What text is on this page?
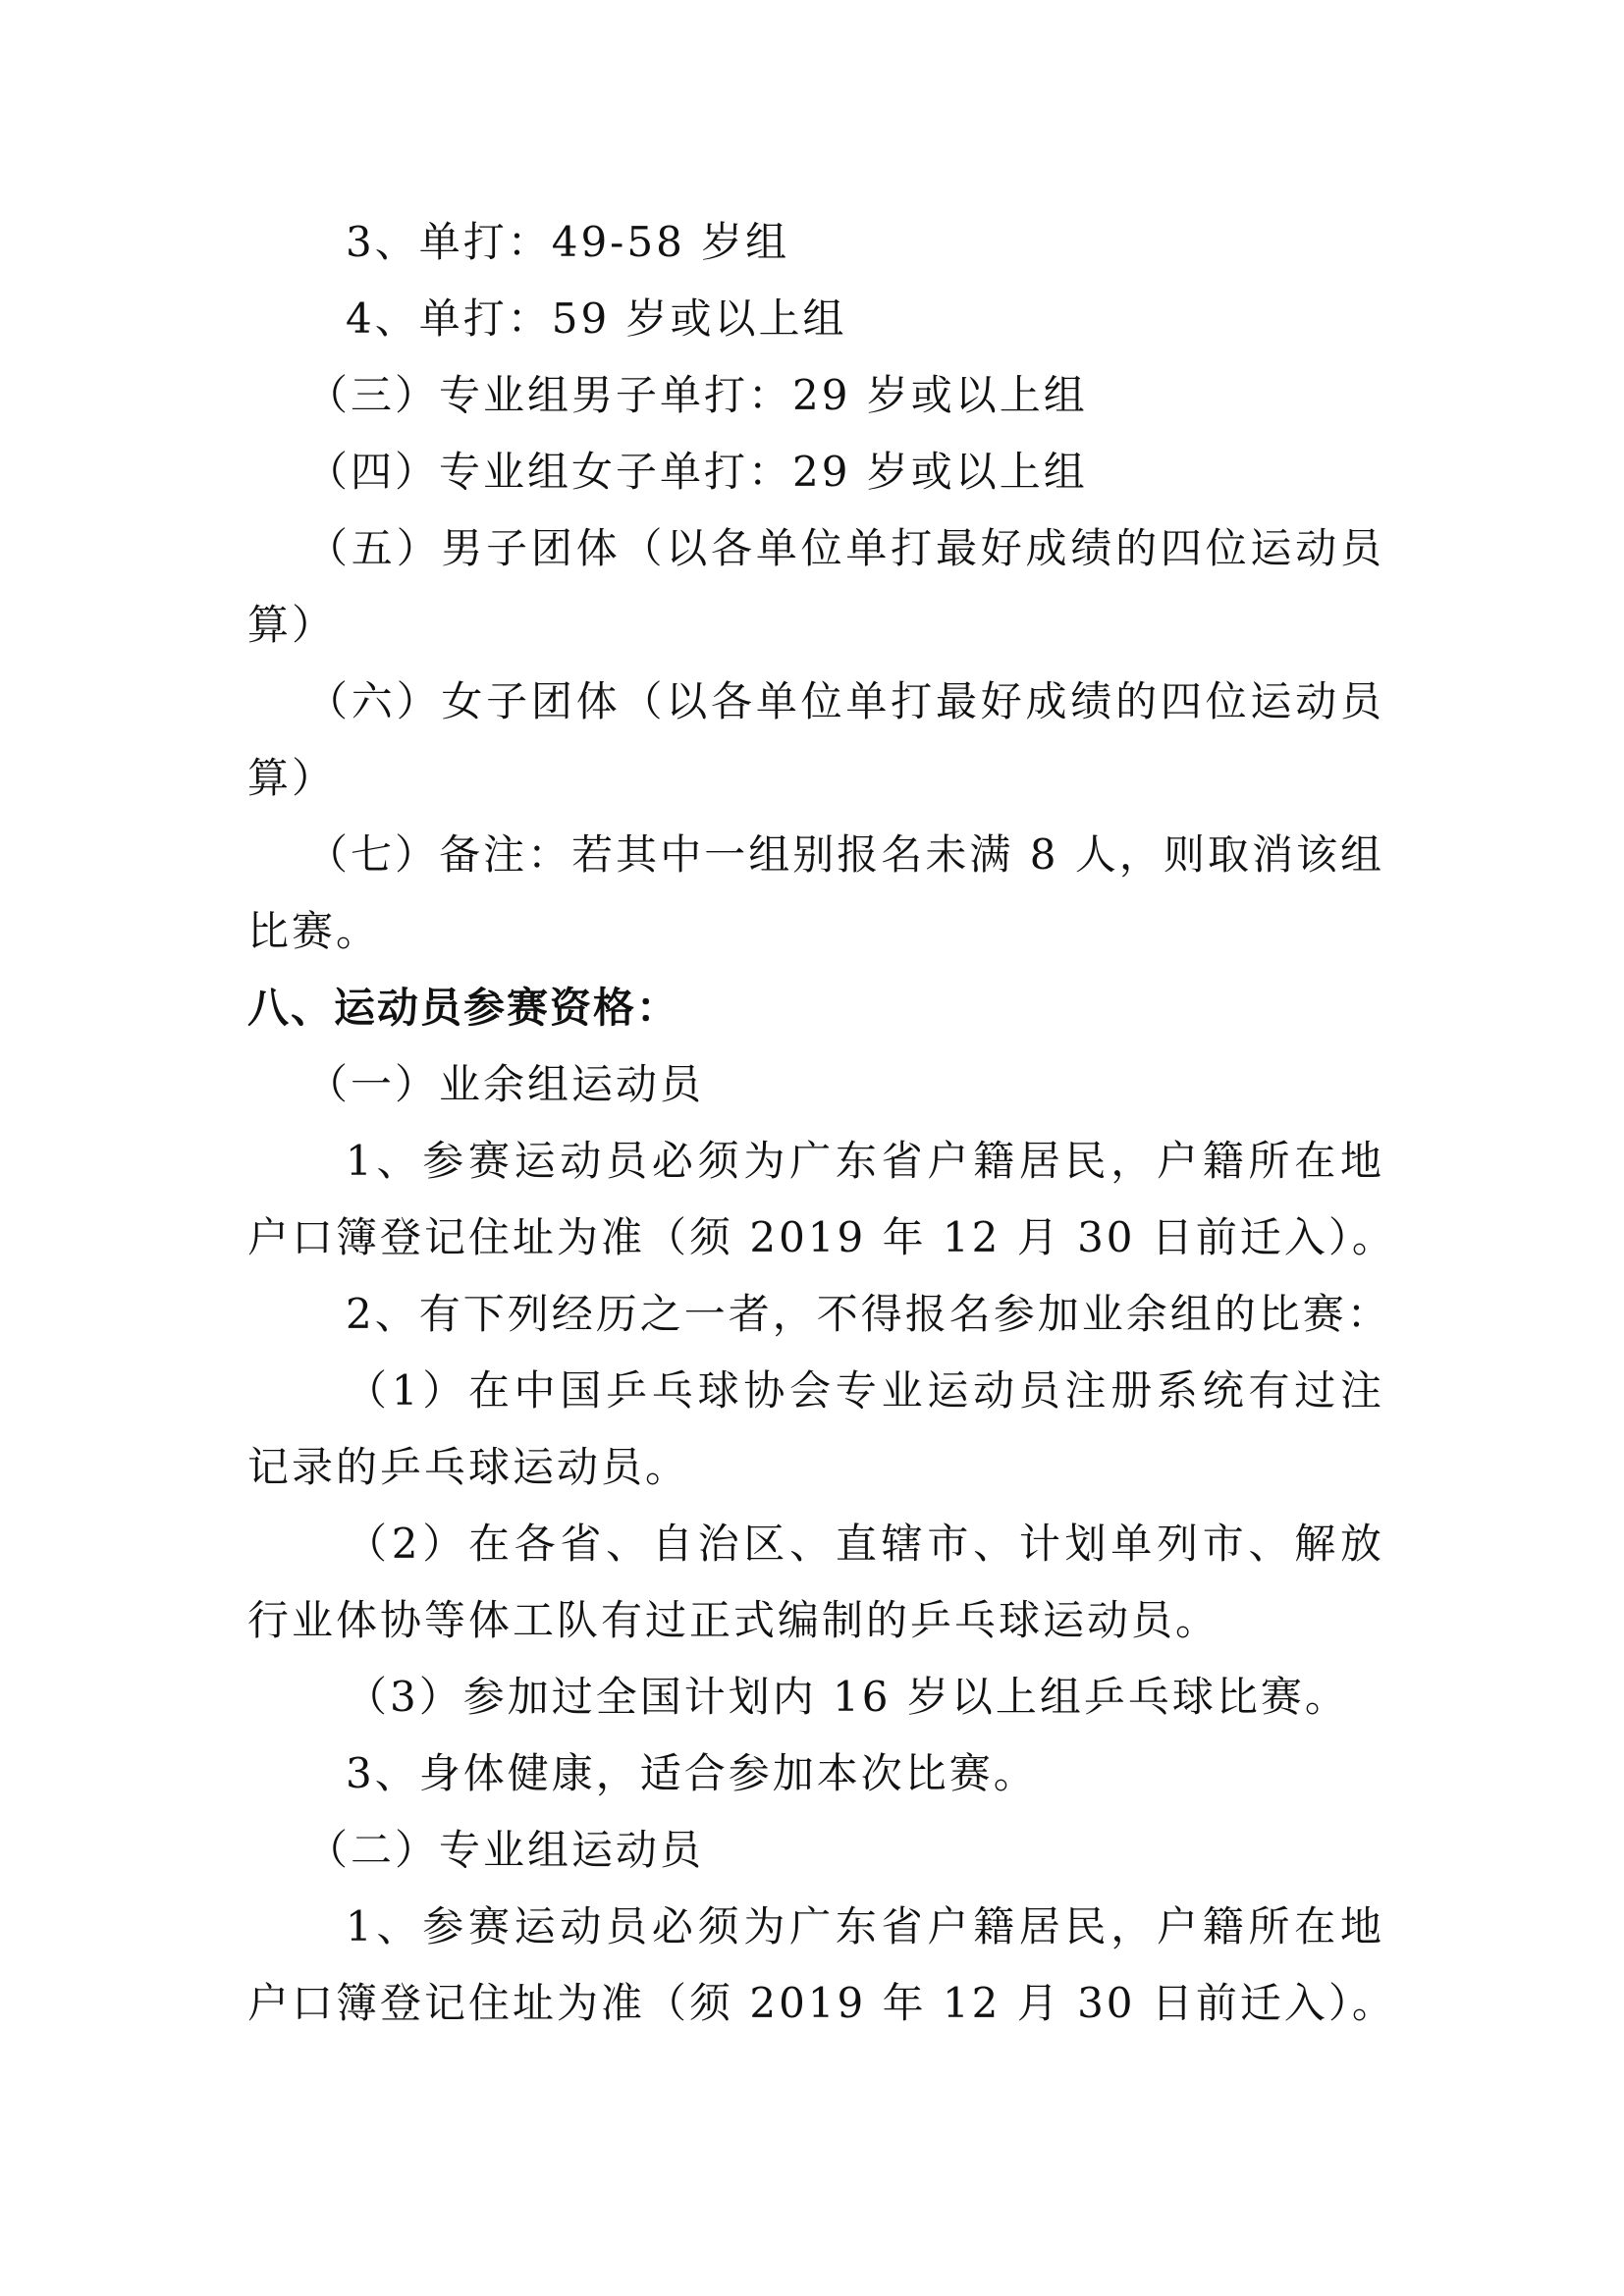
3、单打：49-58 岁组
4、单打：59 岁或以上组
（三）专业组男子单打：29 岁或以上组
（四）专业组女子单打：29 岁或以上组
（五）男子团体（以各单位单打最好成绩的四位运动员
算）
（六）女子团体（以各单位单打最好成绩的四位运动员
算）
（七）备注：若其中一组别报名未满 8 人，则取消该组
比赛。
八、运动员参赛资格：
（一）业余组运动员
1、参赛运动员必须为广东省户籍居民，户籍所在地
户口簿登记住址为准（须 2019 年 12 月 30 日前迁入）。
2、有下列经历之一者，不得报名参加业余组的比赛：
（1）在中国乒乓球协会专业运动员注册系统有过注
记录的乒乓球运动员。
（2）在各省、自治区、直辖市、计划单列市、解放
行业体协等体工队有过正式编制的乒乓球运动员。
（3）参加过全国计划内 16 岁以上组乒乓球比赛。
3、身体健康，适合参加本次比赛。
（二）专业组运动员
1、参赛运动员必须为广东省户籍居民，户籍所在地
户口簿登记住址为准（须 2019 年 12 月 30 日前迁入）。
